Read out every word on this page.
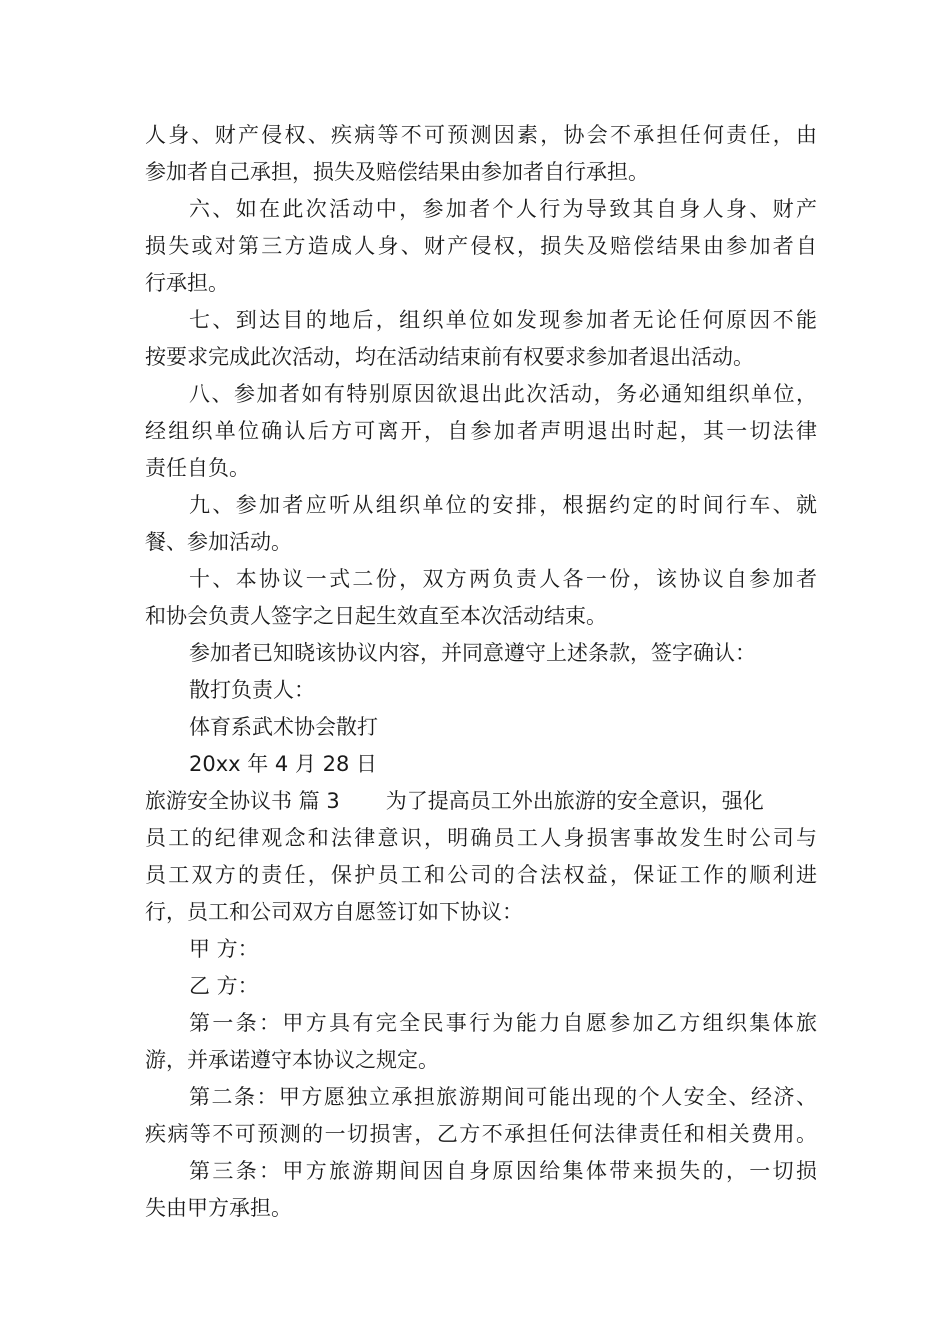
人身、财产侵权、疾病等不可预测因素，协会不承担任何责任，由
参加者自己承担，损失及赔偿结果由参加者自行承担。
六、如在此次活动中，参加者个人行为导致其自身人身、财产
损失或对第三方造成人身、财产侵权，损失及赔偿结果由参加者自
行承担。
七、到达目的地后，组织单位如发现参加者无论任何原因不能
按要求完成此次活动，均在活动结束前有权要求参加者退出活动。
八、参加者如有特别原因欲退出此次活动，务必通知组织单位，
经组织单位确认后方可离开，自参加者声明退出时起，其一切法律
责任自负。
九、参加者应听从组织单位的安排，根据约定的时间行车、就
餐、参加活动。
十、本协议一式二份，双方两负责人各一份，该协议自参加者
和协会负责人签字之日起生效直至本次活动结束。
参加者已知晓该协议内容，并同意遵守上述条款，签字确认：
散打负责人：
体育系武术协会散打
20xx 年 4 月 28 日
旅游安全协议书 篇 3 为了提高员工外出旅游的安全意识，强化
员工的纪律观念和法律意识，明确员工人身损害事故发生时公司与
员工双方的责任，保护员工和公司的合法权益，保证工作的顺利进
行，员工和公司双方自愿签订如下协议：
甲 方：
乙 方：
第一条：甲方具有完全民事行为能力自愿参加乙方组织集体旅
游，并承诺遵守本协议之规定。
第二条：甲方愿独立承担旅游期间可能出现的个人安全、经济、
疾病等不可预测的一切损害，乙方不承担任何法律责任和相关费用。
第三条：甲方旅游期间因自身原因给集体带来损失的，一切损
失由甲方承担。
